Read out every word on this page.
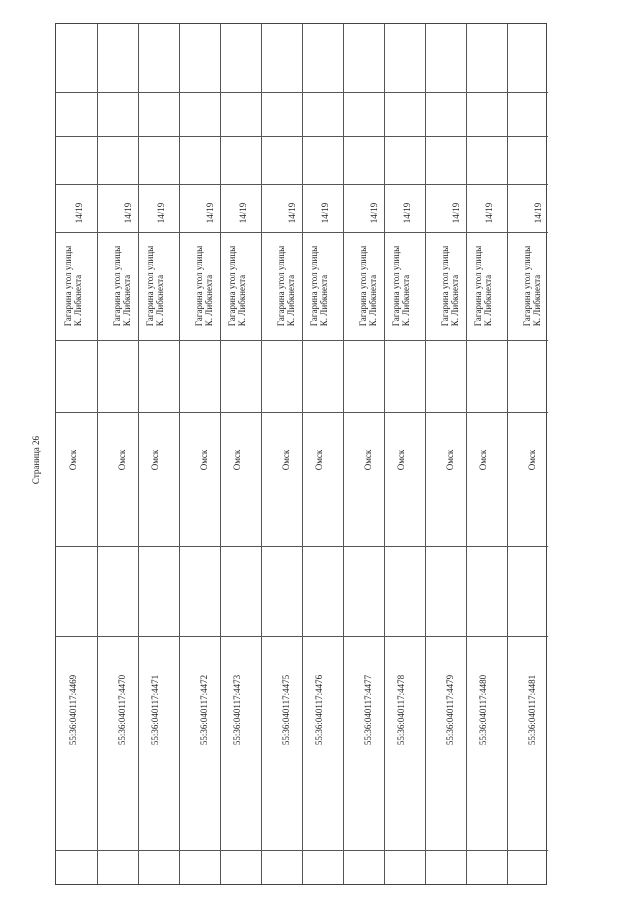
Страница 26
55:36:040117:4469
Омск
Гагарина угол улицы К. Либкнехта
14/19
55:36:040117:4470
Омск
Гагарина угол улицы К. Либкнехта
14/19
55:36:040117:4471
Омск
Гагарина угол улицы К. Либкнехта
14/19
55:36:040117:4472
Омск
Гагарина угол улицы К. Либкнехта
14/19
55:36:040117:4473
Омск
Гагарина угол улицы К. Либкнехта
14/19
55:36:040117:4475
Омск
Гагарина угол улицы К. Либкнехта
14/19
55:36:040117:4476
Омск
Гагарина угол улицы К. Либкнехта
14/19
55:36:040117:4477
Омск
Гагарина угол улицы К. Либкнехта
14/19
55:36:040117:4478
Омск
Гагарина угол улицы К. Либкнехта
14/19
55:36:040117:4479
Омск
Гагарина угол улицы К. Либкнехта
14/19
55:36:040117:4480
Омск
Гагарина угол улицы К. Либкнехта
14/19
55:36:040117:4481
Омск
Гагарина угол улицы К. Либкнехта
14/19
